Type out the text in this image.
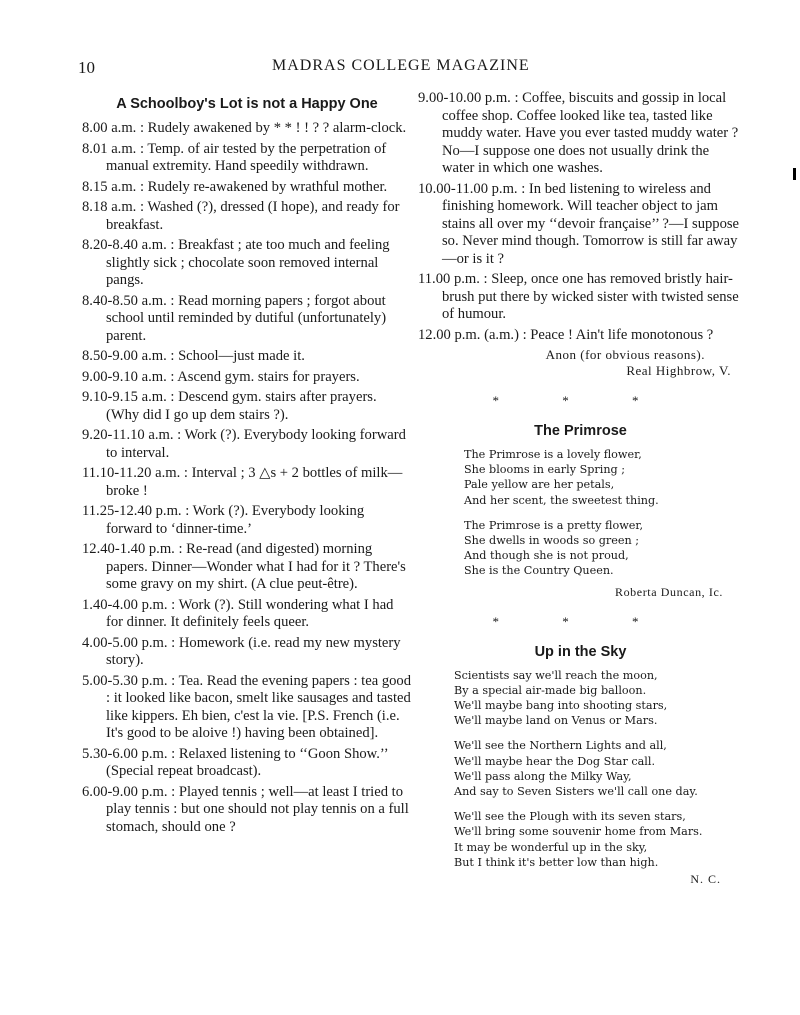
10	MADRAS COLLEGE MAGAZINE
A Schoolboy's Lot is not a Happy One
8.00 a.m. : Rudely awakened by * * ! ! ? ? alarm-clock.
8.01 a.m. : Temp. of air tested by the perpetration of manual extremity. Hand speedily withdrawn.
8.15 a.m. : Rudely re-awakened by wrathful mother.
8.18 a.m. : Washed (?), dressed (I hope), and ready for breakfast.
8.20-8.40 a.m. : Breakfast ; ate too much and feeling slightly sick ; chocolate soon removed internal pangs.
8.40-8.50 a.m. : Read morning papers ; forgot about school until reminded by dutiful (unfortunately) parent.
8.50-9.00 a.m. : School—just made it.
9.00-9.10 a.m. : Ascend gym. stairs for prayers.
9.10-9.15 a.m. : Descend gym. stairs after prayers. (Why did I go up dem stairs ?).
9.20-11.10 a.m. : Work (?). Everybody looking forward to interval.
11.10-11.20 a.m. : Interval ; 3 △s + 2 bottles of milk—broke !
11.25-12.40 p.m. : Work (?). Everybody looking forward to ‘dinner-time.’
12.40-1.40 p.m. : Re-read (and digested) morning papers. Dinner—Wonder what I had for it ? There's some gravy on my shirt. (A clue peut-être).
1.40-4.00 p.m. : Work (?). Still wondering what I had for dinner. It definitely feels queer.
4.00-5.00 p.m. : Homework (i.e. read my new mystery story).
5.00-5.30 p.m. : Tea. Read the evening papers : tea good : it looked like bacon, smelt like sausages and tasted like kippers. Eh bien, c'est la vie. [P.S. French (i.e. It's good to be aloive !) having been obtained].
5.30-6.00 p.m. : Relaxed listening to ‘‘Goon Show.’’ (Special repeat broadcast).
6.00-9.00 p.m. : Played tennis ; well—at least I tried to play tennis : but one should not play tennis on a full stomach, should one ?
9.00-10.00 p.m. : Coffee, biscuits and gossip in local coffee shop. Coffee looked like tea, tasted like muddy water. Have you ever tasted muddy water ? No—I suppose one does not usually drink the water in which one washes.
10.00-11.00 p.m. : In bed listening to wireless and finishing homework. Will teacher object to jam stains all over my ‘‘devoir française’’ ?—I suppose so. Never mind though. Tomorrow is still far away—or is it ?
11.00 p.m. : Sleep, once one has removed bristly hair-brush put there by wicked sister with twisted sense of humour.
12.00 p.m. (a.m.) : Peace ! Ain't life monotonous ?
Anon (for obvious reasons).
Real Highbrow, V.
* * *
The Primrose
The Primrose is a lovely flower,
She blooms in early Spring ;
Pale yellow are her petals,
And her scent, the sweetest thing.
The Primrose is a pretty flower,
She dwells in woods so green ;
And though she is not proud,
She is the Country Queen.
Roberta Duncan, Ic.
* * *
Up in the Sky
Scientists say we'll reach the moon,
By a special air-made big balloon.
We'll maybe bang into shooting stars,
We'll maybe land on Venus or Mars.
We'll see the Northern Lights and all,
We'll maybe hear the Dog Star call.
We'll pass along the Milky Way,
And say to Seven Sisters we'll call one day.
We'll see the Plough with its seven stars,
We'll bring some souvenir home from Mars.
It may be wonderful up in the sky,
But I think it's better low than high.
N. C.
